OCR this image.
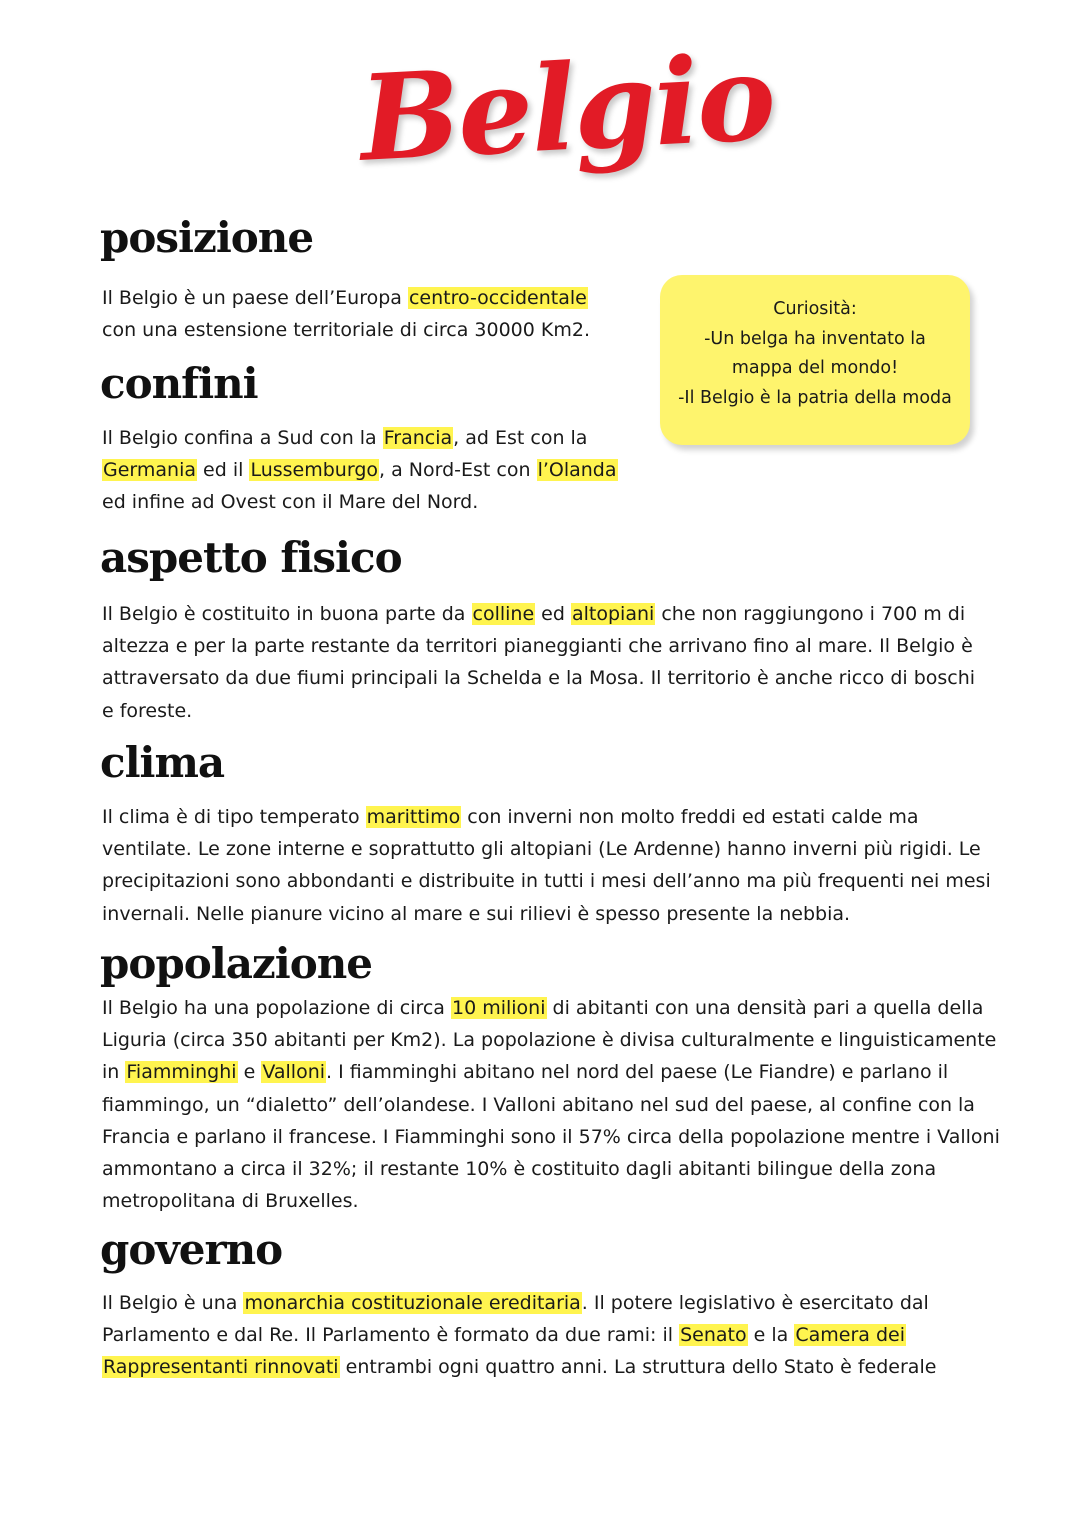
Belgio
posizione
Il Belgio è un paese dell’Europa centro-occidentale
con una estensione territoriale di circa 30000 Km2.
confini
Il Belgio confina a Sud con la Francia, ad Est con la
Germania ed il Lussemburgo, a Nord-Est con l’Olanda
ed infine ad Ovest con il Mare del Nord.
aspetto fisico
Il Belgio è costituito in buona parte da colline ed altopiani che non raggiungono i 700 m di
altezza e per la parte restante da territori pianeggianti che arrivano fino al mare. Il Belgio è
attraversato da due fiumi principali la Schelda e la Mosa. Il territorio è anche ricco di boschi
e foreste.
clima
Il clima è di tipo temperato marittimo con inverni non molto freddi ed estati calde ma
ventilate. Le zone interne e soprattutto gli altopiani (Le Ardenne) hanno inverni più rigidi. Le
precipitazioni sono abbondanti e distribuite in tutti i mesi dell’anno ma più frequenti nei mesi
invernali. Nelle pianure vicino al mare e sui rilievi è spesso presente la nebbia.
popolazione
Il Belgio ha una popolazione di circa 10 milioni di abitanti con una densità pari a quella della
Liguria (circa 350 abitanti per Km2). La popolazione è divisa culturalmente e linguisticamente
in Fiamminghi e Valloni. I fiamminghi abitano nel nord del paese (Le Fiandre) e parlano il
fiammingo, un “dialetto” dell’olandese. I Valloni abitano nel sud del paese, al confine con la
Francia e parlano il francese. I Fiamminghi sono il 57% circa della popolazione mentre i Valloni
ammontano a circa il 32%; il restante 10% è costituito dagli abitanti bilingue della zona
metropolitana di Bruxelles.
governo
Il Belgio è una monarchia costituzionale ereditaria. Il potere legislativo è esercitato dal
Parlamento e dal Re. Il Parlamento è formato da due rami: il Senato e la Camera dei
Rappresentanti rinnovati entrambi ogni quattro anni. La struttura dello Stato è federale
Curiosità:
-Un belga ha inventato la
mappa del mondo!
-Il Belgio è la patria della moda
